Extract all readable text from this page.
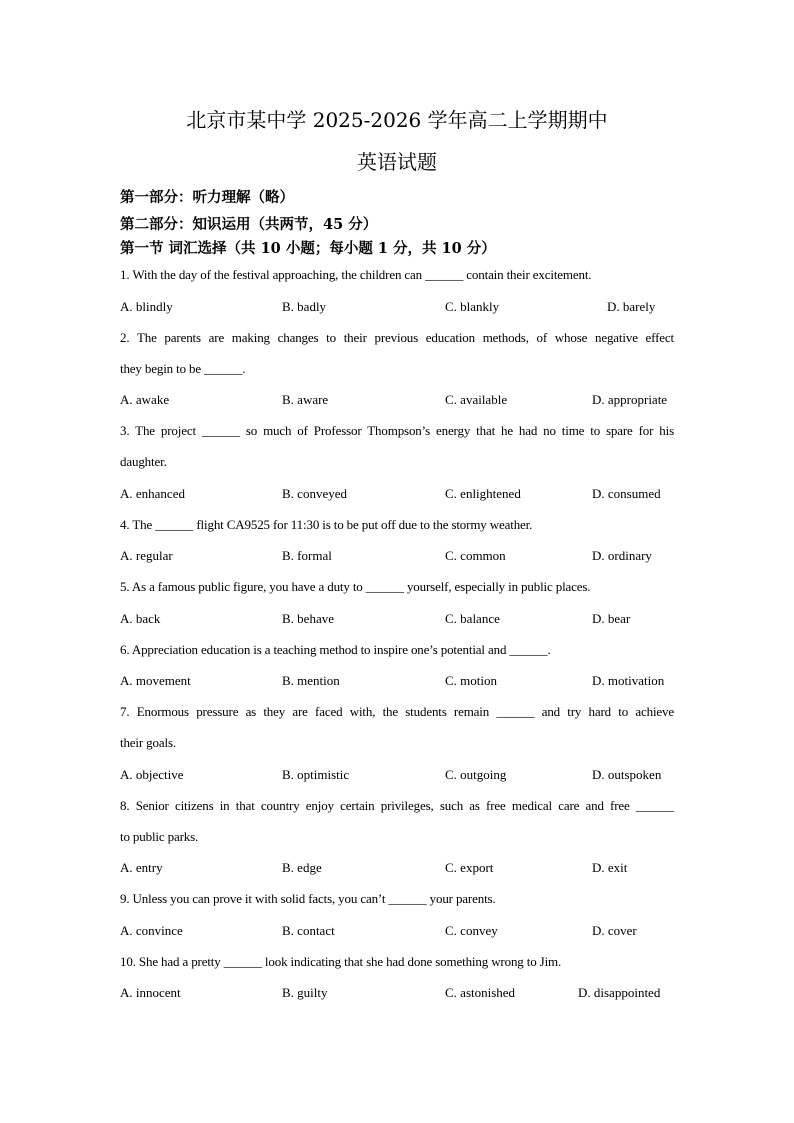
北京市某中学 2025-2026 学年高二上学期期中
英语试题
第一部分：听力理解（略）
第二部分：知识运用（共两节，45 分）
第一节 词汇选择（共 10 小题；每小题 1 分，共 10 分）
1. With the day of the festival approaching, the children can ______ contain their excitement.
A. blindly	B. badly	C. blankly	D. barely
2. The parents are making changes to their previous education methods, of whose negative effect
they begin to be ______.
A. awake	B. aware	C. available	D. appropriate
3. The project ______ so much of Professor Thompson’s energy that he had no time to spare for his
daughter.
A. enhanced	B. conveyed	C. enlightened	D. consumed
4. The ______ flight CA9525 for 11:30 is to be put off due to the stormy weather.
A. regular	B. formal	C. common	D. ordinary
5. As a famous public figure, you have a duty to ______ yourself, especially in public places.
A. back	B. behave	C. balance	D. bear
6. Appreciation education is a teaching method to inspire one’s potential and ______.
A. movement	B. mention	C. motion	D. motivation
7. Enormous pressure as they are faced with, the students remain ______ and try hard to achieve
their goals.
A. objective	B. optimistic	C. outgoing	D. outspoken
8. Senior citizens in that country enjoy certain privileges, such as free medical care and free ______
to public parks.
A. entry	B. edge	C. export	D. exit
9. Unless you can prove it with solid facts, you can’t ______ your parents.
A. convince	B. contact	C. convey	D. cover
10. She had a pretty ______ look indicating that she had done something wrong to Jim.
A. innocent	B. guilty	C. astonished	D. disappointed
